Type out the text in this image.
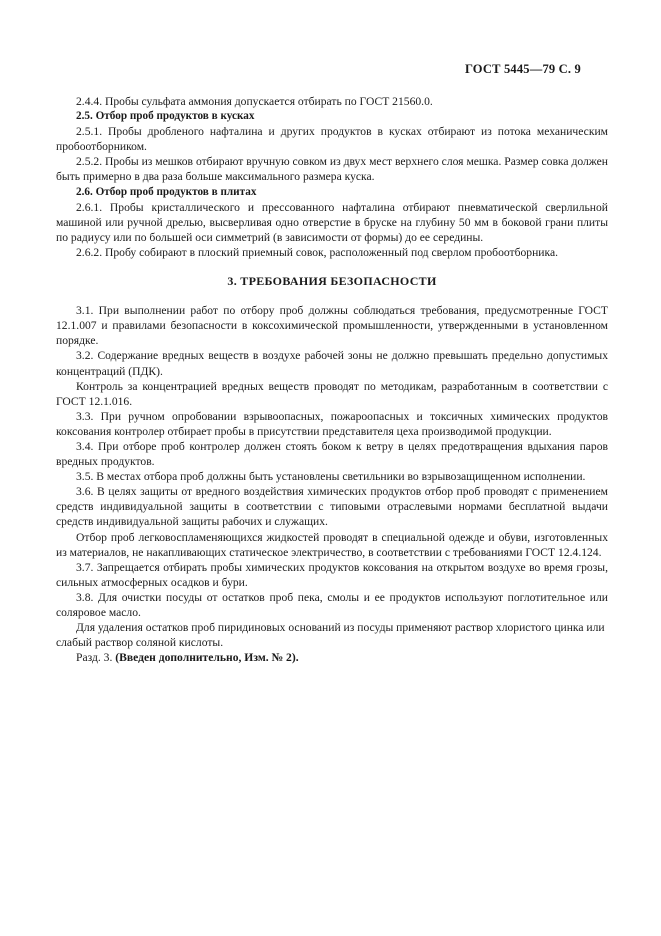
ГОСТ 5445—79 С. 9

2.4.4. Пробы сульфата аммония допускается отбирать по ГОСТ 21560.0.

2.5. Отбор проб продуктов в кусках

2.5.1. Пробы дробленого нафталина и других продуктов в кусках отбирают из потока механическим пробоотборником.

2.5.2. Пробы из мешков отбирают вручную совком из двух мест верхнего слоя мешка. Размер совка должен быть примерно в два раза больше максимального размера куска.

2.6. Отбор проб продуктов в плитах

2.6.1. Пробы кристаллического и прессованного нафталина отбирают пневматической сверлильной машиной или ручной дрелью, высверливая одно отверстие в бруске на глубину 50 мм в боковой грани плиты по радиусу или по большей оси симметрий (в зависимости от формы) до ее середины.

2.6.2. Пробу собирают в плоский приемный совок, расположенный под сверлом пробоотборника.

3. ТРЕБОВАНИЯ БЕЗОПАСНОСТИ

3.1. При выполнении работ по отбору проб должны соблюдаться требования, предусмотренные ГОСТ 12.1.007 и правилами безопасности в коксохимической промышленности, утвержденными в установленном порядке.

3.2. Содержание вредных веществ в воздухе рабочей зоны не должно превышать предельно допустимых концентраций (ПДК).

Контроль за концентрацией вредных веществ проводят по методикам, разработанным в соответствии с ГОСТ 12.1.016.

3.3. При ручном опробовании взрывоопасных, пожароопасных и токсичных химических продуктов коксования контролер отбирает пробы в присутствии представителя цеха производимой продукции.

3.4. При отборе проб контролер должен стоять боком к ветру в целях предотвращения вдыхания паров вредных продуктов.

3.5. В местах отбора проб должны быть установлены светильники во взрывозащищенном исполнении.

3.6. В целях защиты от вредного воздействия химических продуктов отбор проб проводят с применением средств индивидуальной защиты в соответствии с типовыми отраслевыми нормами бесплатной выдачи средств индивидуальной защиты рабочих и служащих.

Отбор проб легковоспламеняющихся жидкостей проводят в специальной одежде и обуви, изготовленных из материалов, не накапливающих статическое электричество, в соответствии с требованиями ГОСТ 12.4.124.

3.7. Запрещается отбирать пробы химических продуктов коксования на открытом воздухе во время грозы, сильных атмосферных осадков и бури.

3.8. Для очистки посуды от остатков проб пека, смолы и ее продуктов используют поглотительное или соляровое масло.

Для удаления остатков проб пиридиновых оснований из посуды применяют раствор хлористого цинка или слабый раствор соляной кислоты.

Разд. 3. (Введен дополнительно, Изм. № 2).
